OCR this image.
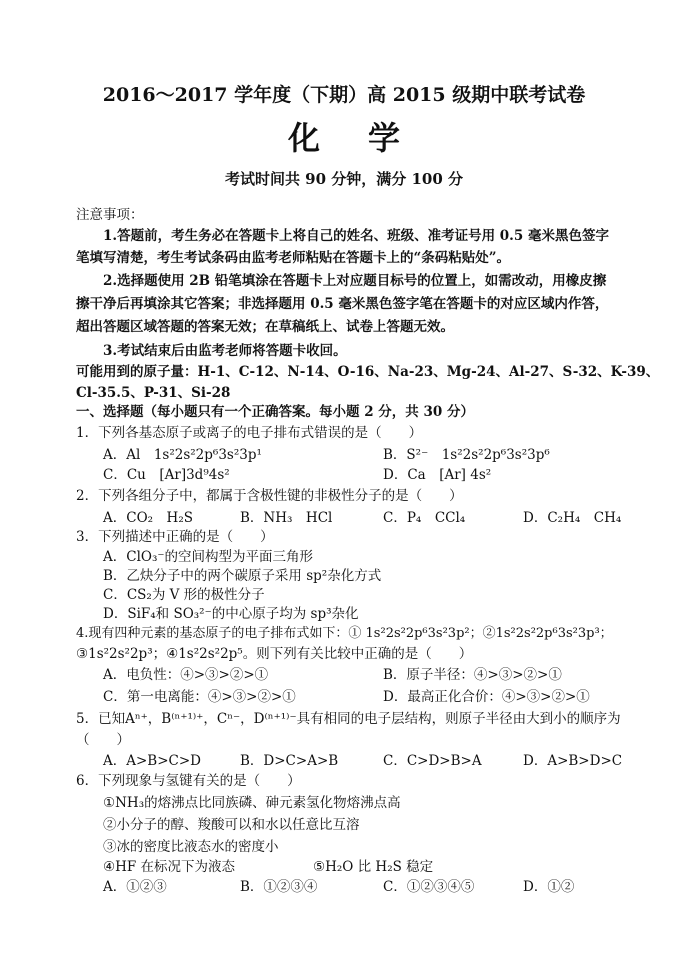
2016～2017 学年度（下期）高 2015 级期中联考试卷
化学
考试时间共 90 分钟，满分 100 分
注意事项：
1.答题前，考生务必在答题卡上将自己的姓名、班级、准考证号用 0.5 毫米黑色签字
笔填写清楚，考生考试条码由监考老师粘贴在答题卡上的“条码粘贴处”。
2.选择题使用 2B 铅笔填涂在答题卡上对应题目标号的位置上，如需改动，用橡皮擦
擦干净后再填涂其它答案；非选择题用 0.5 毫米黑色签字笔在答题卡的对应区域内作答，
超出答题区域答题的答案无效；在草稿纸上、试卷上答题无效。
3.考试结束后由监考老师将答题卡收回。
可能用到的原子量：H-1、C-12、N-14、O-16、Na-23、Mg-24、Al-27、S-32、K-39、
Cl-35.5、P-31、Si-28
一、选择题（每小题只有一个正确答案。每小题 2 分，共 30 分）
1．下列各基态原子或离子的电子排布式错误的是（　　）
A．Al　1s²2s²2p⁶3s²3p¹	B．S²⁻　1s²2s²2p⁶3s²3p⁶
C．Cu　[Ar]3d⁹4s²	D．Ca　[Ar] 4s²
2．下列各组分子中，都属于含极性键的非极性分子的是（　　）
A．CO₂　H₂S	B．NH₃　HCl	C．P₄　CCl₄	D．C₂H₄　CH₄
3．下列描述中正确的是（　　）
A．ClO₃⁻的空间构型为平面三角形
B．乙炔分子中的两个碳原子采用 sp²杂化方式
C．CS₂为 V 形的极性分子
D．SiF₄和 SO₃²⁻的中心原子均为 sp³杂化
4.现有四种元素的基态原子的电子排布式如下：① 1s²2s²2p⁶3s²3p²；②1s²2s²2p⁶3s²3p³；
③1s²2s²2p³；④1s²2s²2p⁵。则下列有关比较中正确的是（　　）
A．电负性：④>③>②>①	B．原子半径：④>③>②>①
C．第一电离能：④>③>②>①	D．最高正化合价：④>③>②>①
5．已知Aⁿ⁺，B⁽ⁿ⁺¹⁾⁺，Cⁿ⁻，D⁽ⁿ⁺¹⁾⁻具有相同的电子层结构，则原子半径由大到小的顺序为
（　　）
A．A>B>C>D	B．D>C>A>B	C．C>D>B>A	D．A>B>D>C
6．下列现象与氢键有关的是（　　）
①NH₃的熔沸点比同族磷、砷元素氢化物熔沸点高
②小分子的醇、羧酸可以和水以任意比互溶
③冰的密度比液态水的密度小
④HF 在标况下为液态	⑤H₂O 比 H₂S 稳定
A．①②③	B．①②③④	C．①②③④⑤	D．①②
